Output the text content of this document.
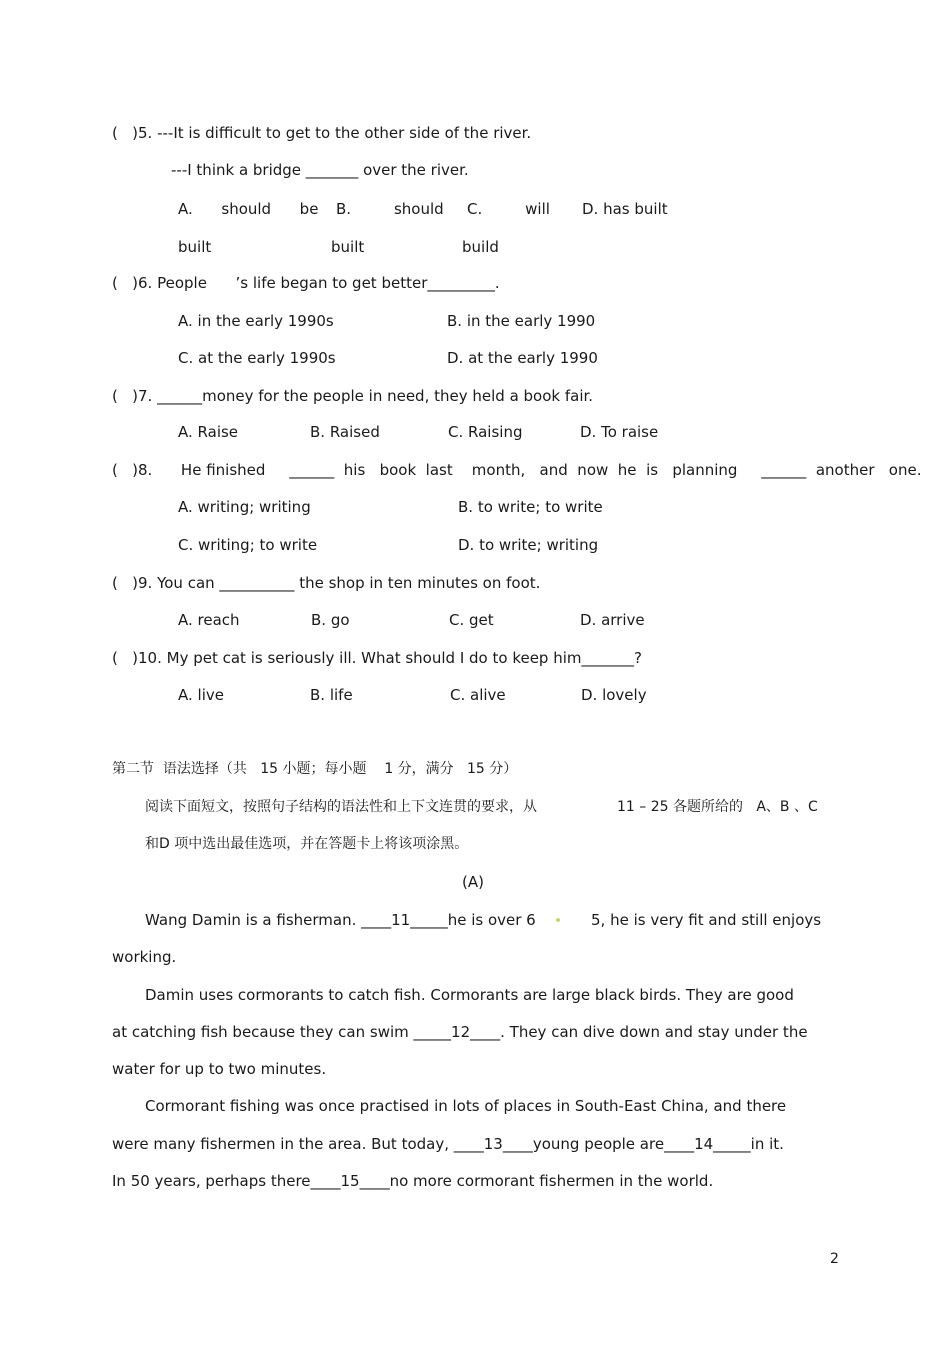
(   )5. ---It is difficult to get to the other side of the river.
---I think a bridge _______ over the river.
A.      should      be
built
B.         should
built
C.         will
build
D. has built
(   )6. People      ’s life began to get better_________.
A. in the early 1990s	B. in the early 1990
C. at the early 1990s	D. at the early 1990
(   )7. ______money for the people in need, they held a book fair.
A. Raise	B. Raised	C. Raising	D. To raise
(   )8.      He finished     ______  his   book  last    month,   and  now  he  is   planning     ______  another   one.
A. writing; writing	B. to write; to write
C. writing; to write	D. to write; writing
(   )9. You can __________ the shop in ten minutes on foot.
A. reach	B. go	C. get	D. arrive
(   )10. My pet cat is seriously ill. What should I do to keep him_______?
A. live	B. life	C. alive	D. lovely
第二节  语法选择（共   15 小题；每小题    1 分，满分   15 分）
阅读下面短文，按照句子结构的语法性和上下文连贯的要求，从	11 – 25 各题所给的   A、B 、C
和D 项中选出最佳选项，并在答题卡上将该项涂黑。
(A)
Wang Damin is a fisherman. ____11_____he is over 6	5, he is very fit and still enjoys
working.
Damin uses cormorants to catch fish. Cormorants are large black birds. They are good
at catching fish because they can swim _____12____. They can dive down and stay under the
water for up to two minutes.
Cormorant fishing was once practised in lots of places in South-East China, and there
were many fishermen in the area. But today, ____13____young people are____14_____in it.
In 50 years, perhaps there____15____no more cormorant fishermen in the world.
2
